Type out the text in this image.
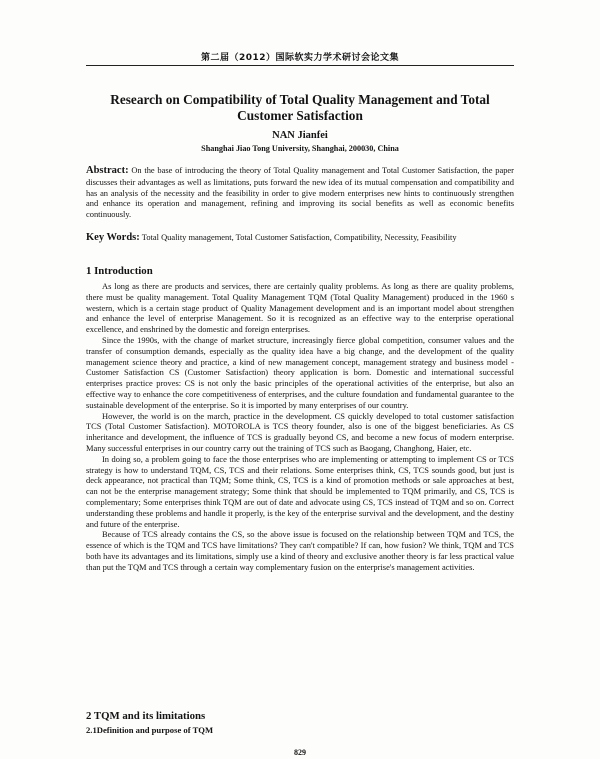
第二届（2012）国际软实力学术研讨会论文集
Research on Compatibility of Total Quality Management and Total Customer Satisfaction
NAN Jianfei
Shanghai Jiao Tong University, Shanghai, 200030, China

Abstract: On the base of introducing the theory of Total Quality management and Total Customer Satisfaction, the paper discusses their advantages as well as limitations, puts forward the new idea of its mutual compensation and compatibility and has an analysis of the necessity and the feasibility in order to give modern enterprises new hints to continuously strengthen and enhance its operation and management, refining and improving its social benefits as well as economic benefits continuously.

Key Words: Total Quality management, Total Customer Satisfaction, Compatibility, Necessity, Feasibility

1 Introduction

As long as there are products and services, there are certainly quality problems. As long as there are quality problems, there must be quality management. Total Quality Management TQM (Total Quality Management) produced in the 1960 s western, which is a certain stage product of Quality Management development and is an important model about strengthen and enhance the level of enterprise Management. So it is recognized as an effective way to the enterprise operational excellence, and enshrined by the domestic and foreign enterprises.

Since the 1990s, with the change of market structure, increasingly fierce global competition, consumer values and the transfer of consumption demands, especially as the quality idea have a big change, and the development of the quality management science theory and practice, a kind of new management concept, management strategy and business model - Customer Satisfaction CS (Customer Satisfaction) theory application is born. Domestic and international successful enterprises practice proves: CS is not only the basic principles of the operational activities of the enterprise, but also an effective way to enhance the core competitiveness of enterprises, and the culture foundation and fundamental guarantee to the sustainable development of the enterprise. So it is imported by many enterprises of our country.

However, the world is on the march, practice in the development. CS quickly developed to total customer satisfaction TCS (Total Customer Satisfaction). MOTOROLA is TCS theory founder, also is one of the biggest beneficiaries. As CS inheritance and development, the influence of TCS is gradually beyond CS, and become a new focus of modern enterprise. Many successful enterprises in our country carry out the training of TCS such as Baogang, Changhong, Haier, etc.

In doing so, a problem going to face the those enterprises who are implementing or attempting to implement CS or TCS strategy is how to understand TQM, CS, TCS and their relations. Some enterprises think, CS, TCS sounds good, but just is deck appearance, not practical than TQM; Some think, CS, TCS is a kind of promotion methods or sale approaches at best, can not be the enterprise management strategy; Some think that should be implemented to TQM primarily, and CS, TCS is complementary; Some enterprises think TQM are out of date and advocate using CS, TCS instead of TQM and so on. Correct understanding these problems and handle it properly, is the key of the enterprise survival and the development, and the destiny and future of the enterprise.

Because of TCS already contains the CS, so the above issue is focused on the relationship between TQM and TCS, the essence of which is the TQM and TCS have limitations? They can't compatible? If can, how fusion? We think, TQM and TCS both have its advantages and its limitations, simply use a kind of theory and exclusive another theory is far less practical value than put the TQM and TCS through a certain way complementary fusion on the enterprise's management activities.

2 TQM and its limitations
2.1Definition and purpose of TQM
829
